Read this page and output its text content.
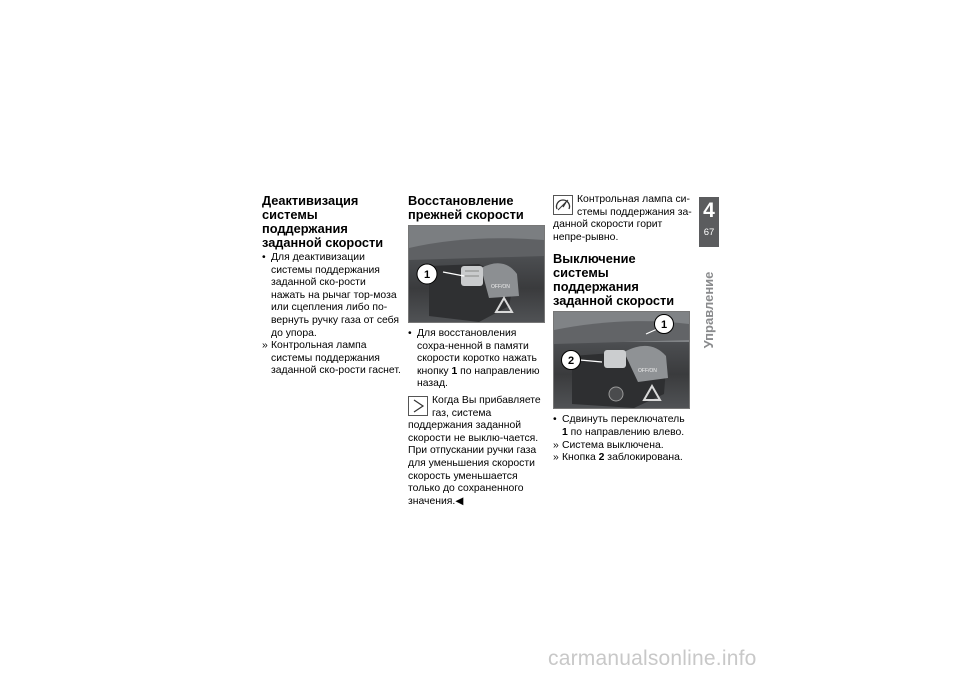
Деактивизация системы поддержания заданной скорости

• Для деактивизации системы поддержания заданной ско-рости нажать на рычаг тор-моза или сцепления либо по-вернуть ручку газа от себя до упора.

» Контрольная лампа системы поддержания заданной ско-рости гаснет.

Восстановление прежней скорости
1
OFF/ON

• Для восстановления сохра-ненной в памяти скорости коротко нажать кнопку 1 по направлению назад.

Когда Вы прибавляете газ, система поддержания заданной скорости не выклю-чается. При отпускании ручки газа для уменьшения скорости скорость уменьшается только до сохраненного значения.◀
Контрольная лампа си-стемы поддержания за-данной скорости горит непре-рывно.
Выключение системы поддержания заданной скорости
1
2
OFF/ON

• Сдвинуть переключатель 1 по направлению влево.

» Система выключена.

» Кнопка 2 заблокирована.

4
67
Управление
carmanualsonline.info
